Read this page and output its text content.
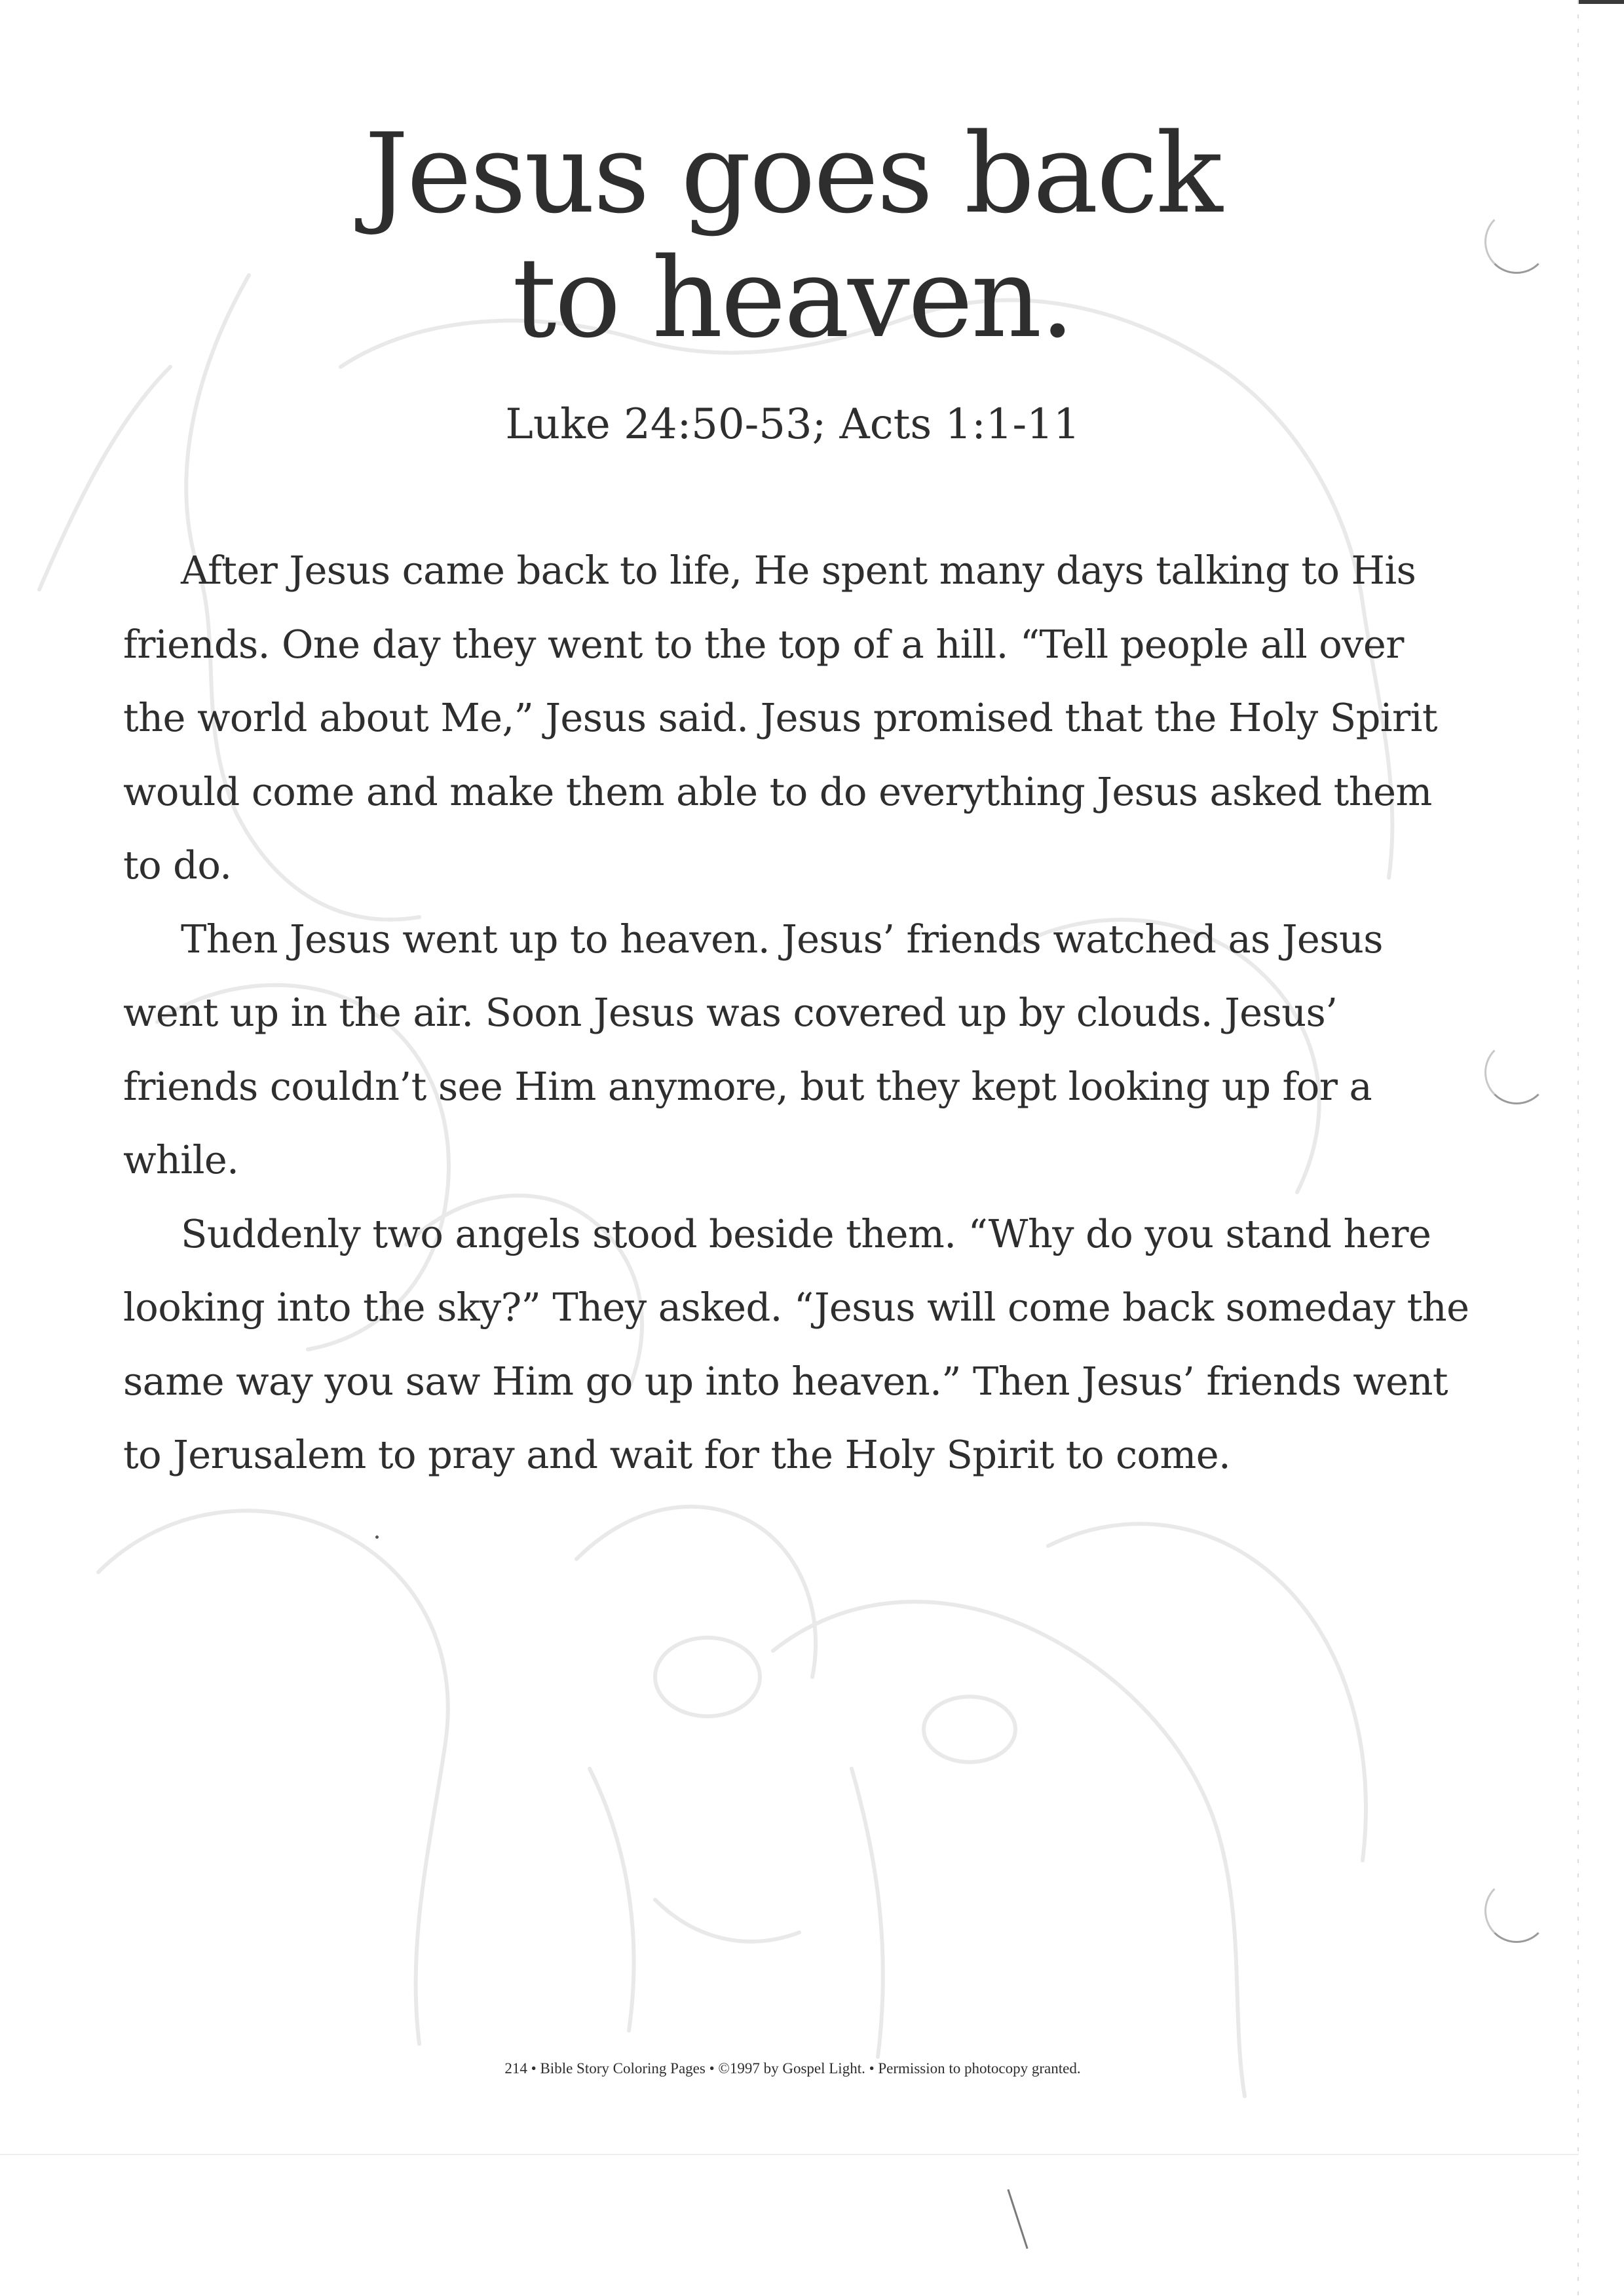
Jesus goes back
to heaven.
Luke 24:50-53; Acts 1:1-11

After Jesus came back to life, He spent many days talking to His friends. One day they went to the top of a hill. “Tell people all over the world about Me,” Jesus said. Jesus promised that the Holy Spirit would come and make them able to do everything Jesus asked them to do.

Then Jesus went up to heaven. Jesus’ friends watched as Jesus went up in the air. Soon Jesus was covered up by clouds. Jesus’ friends couldn’t see Him anymore, but they kept looking up for a while.

Suddenly two angels stood beside them. “Why do you stand here looking into the sky?” They asked. “Jesus will come back someday the same way you saw Him go up into heaven.” Then Jesus’ friends went to Jerusalem to pray and wait for the Holy Spirit to come.

214 • Bible Story Coloring Pages • ©1997 by Gospel Light. • Permission to photocopy granted.
